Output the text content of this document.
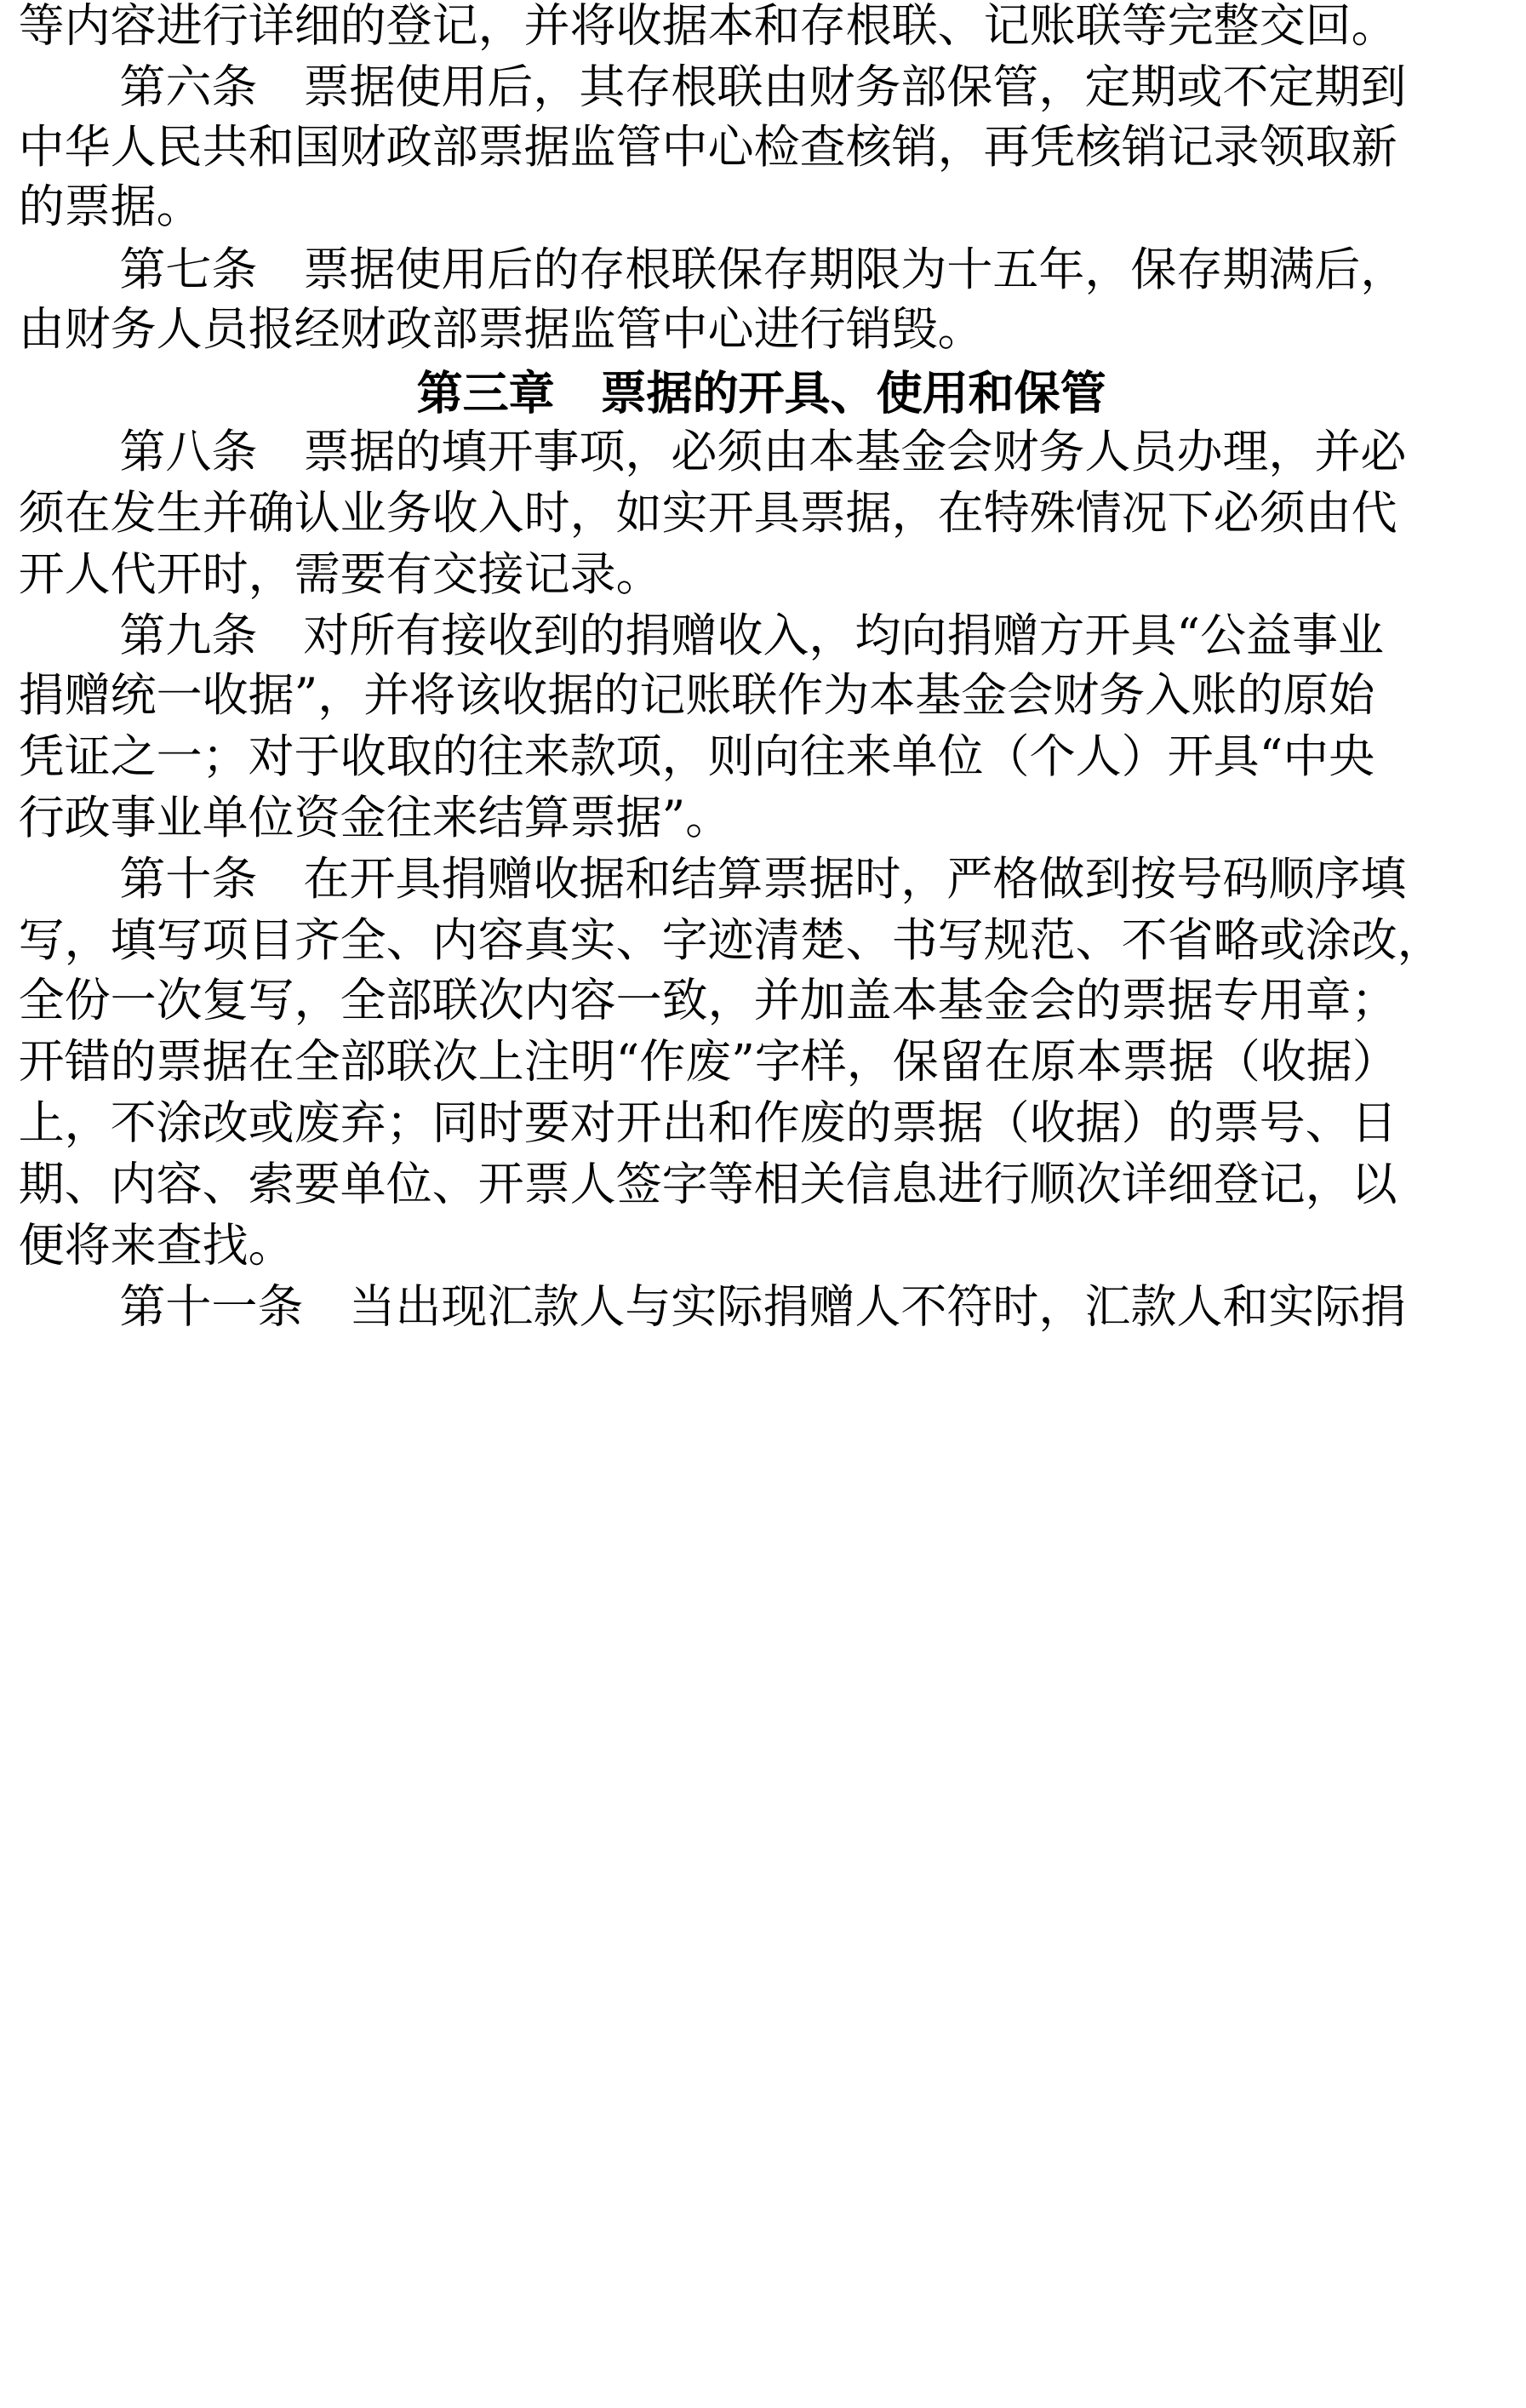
等内容进行详细的登记，并将收据本和存根联、记账联等完整交回。
第六条　票据使用后，其存根联由财务部保管，定期或不定期到
中华人民共和国财政部票据监管中心检查核销，再凭核销记录领取新
的票据。
第七条　票据使用后的存根联保存期限为十五年，保存期满后，
由财务人员报经财政部票据监管中心进行销毁。
第三章　票据的开具、使用和保管
第八条　票据的填开事项，必须由本基金会财务人员办理，并必
须在发生并确认业务收入时，如实开具票据，在特殊情况下必须由代
开人代开时，需要有交接记录。
第九条　对所有接收到的捐赠收入，均向捐赠方开具“公益事业
捐赠统一收据”，并将该收据的记账联作为本基金会财务入账的原始
凭证之一；对于收取的往来款项，则向往来单位（个人）开具“中央
行政事业单位资金往来结算票据”。
第十条　在开具捐赠收据和结算票据时，严格做到按号码顺序填
写，填写项目齐全、内容真实、字迹清楚、书写规范、不省略或涂改，
全份一次复写，全部联次内容一致，并加盖本基金会的票据专用章；
开错的票据在全部联次上注明“作废”字样，保留在原本票据（收据）
上，不涂改或废弃；同时要对开出和作废的票据（收据）的票号、日
期、内容、索要单位、开票人签字等相关信息进行顺次详细登记，以
便将来查找。
第十一条　当出现汇款人与实际捐赠人不符时，汇款人和实际捐
